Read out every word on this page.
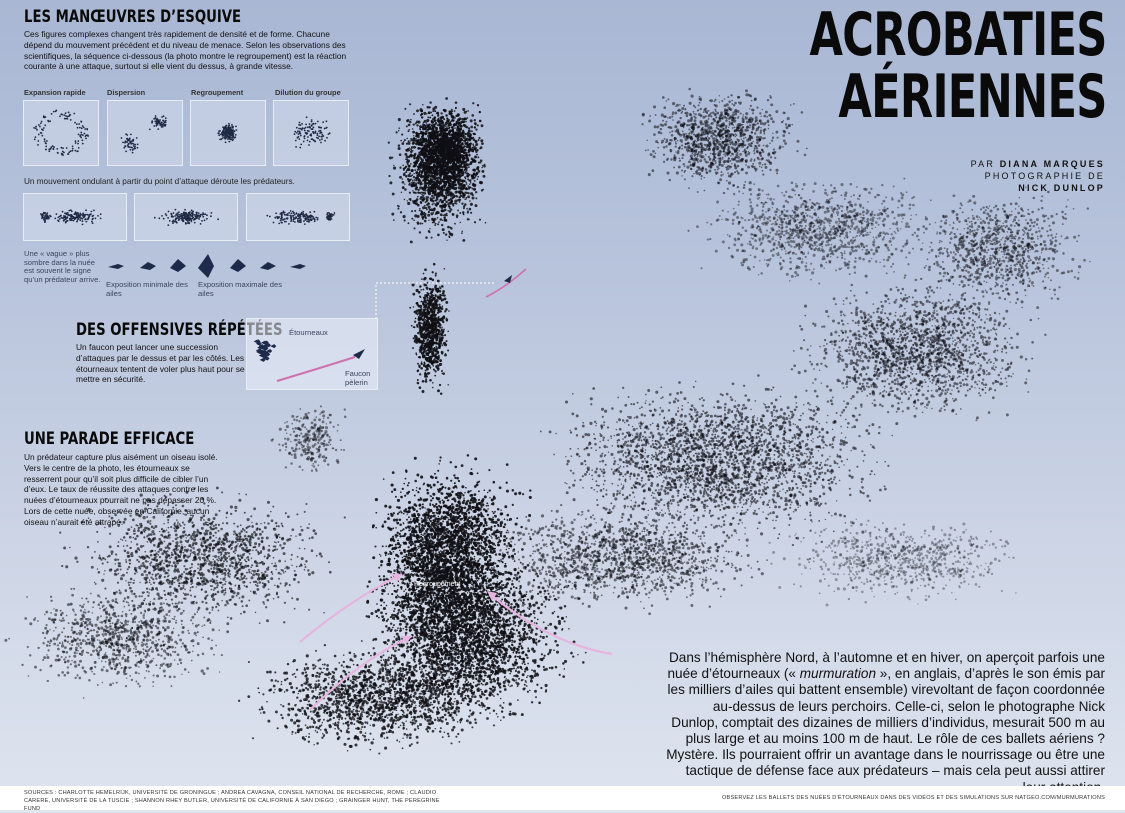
ACROBATIES
AÉRIENNES
PAR DIANA MARQUES
PHOTOGRAPHIE DE
NICK DUNLOP
LES MANŒUVRES D’ESQUIVE
Ces figures complexes changent très rapidement de densité et de forme. Chacune dépend du mouvement précédent et du niveau de menace. Selon les observations des scientifiques, la séquence ci-dessous (la photo montre le regroupement) est la réaction courante à une attaque, surtout si elle vient du dessus, à grande vitesse.
Expansion rapide	Dispersion	Regroupement	Dilution du groupe
Un mouvement ondulant à partir du point d’attaque déroute les prédateurs.
Une « vague » plus sombre dans la nuée est souvent le signe qu’un prédateur arrive.
Exposition minimale des ailes
Exposition maximale des ailes
DES OFFENSIVES RÉPÉTÉES
Un faucon peut lancer une succession d’attaques par le dessus et par les côtés. Les étourneaux tentent de voler plus haut pour se mettre en sécurité.
Étourneaux
Faucon pèlerin
UNE PARADE EFFICACE
Un prédateur capture plus aisément un oiseau isolé. Vers le centre de la photo, les étourneaux se resserrent pour qu’il soit plus difficile de cibler l’un d’eux. Le taux de réussite des attaques contre les nuées d’étourneaux pourrait ne pas dépasser 20 %. Lors de cette nuée, observée en Californie, aucun oiseau n’aurait été attrapé.
Regroupement
Dans l’hémisphère Nord, à l’automne et en hiver, on aperçoit parfois une nuée d’étourneaux (« murmuration », en anglais, d’après le son émis par les milliers d’ailes qui battent ensemble) virevoltant de façon coordonnée au-dessus de leurs perchoirs. Celle-ci, selon le photographe Nick Dunlop, comptait des dizaines de milliers d’individus, mesurait 500 m au plus large et au moins 100 m de haut. Le rôle de ces ballets aériens ? Mystère. Ils pourraient offrir un avantage dans le nourrissage ou être une tactique de défense face aux prédateurs – mais cela peut aussi attirer
SOURCES : CHARLOTTE HEMELRIJK, UNIVERSITÉ DE GRONINGUE ; ANDREA CAVAGNA, CONSEIL NATIONAL DE RECHERCHE, ROME ; CLAUDIO CARERE, UNIVERSITÉ DE LA TUSCIE ; SHANNON RHEY BUTLER, UNIVERSITÉ DE CALIFORNIE À SAN DIEGO ; GRAINGER HUNT, THE PEREGRINE FUND
OBSERVEZ LES BALLETS DES NUÉES D’ÉTOURNEAUX DANS DES VIDÉOS ET DES SIMULATIONS SUR NATGEO.COM/MURMURATIONS
